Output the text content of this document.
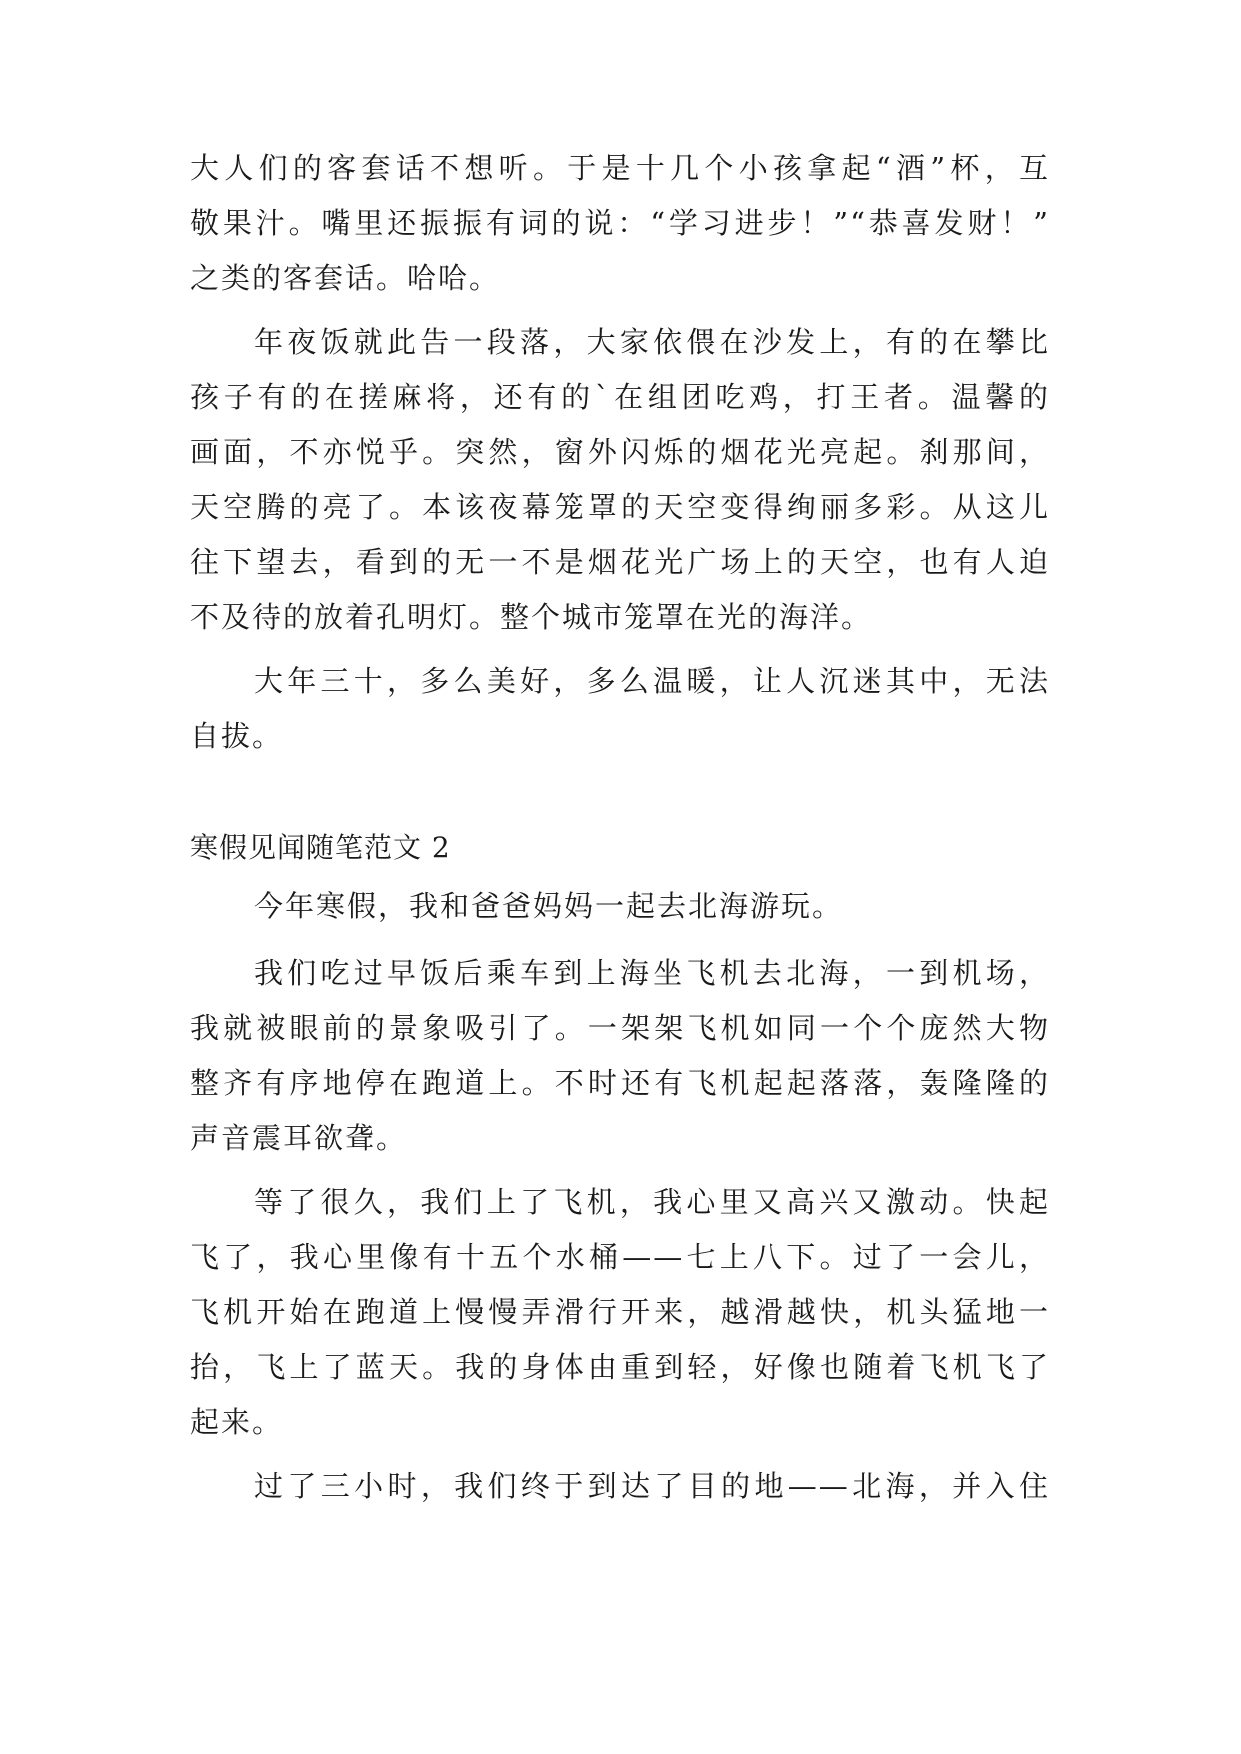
大人们的客套话不想听。于是十几个小孩拿起“酒”杯，互
敬果汁。嘴里还振振有词的说：“学习进步！”“恭喜发财！”
之类的客套话。哈哈。
年夜饭就此告一段落，大家依偎在沙发上，有的在攀比
孩子有的在搓麻将，还有的`在组团吃鸡，打王者。温馨的
画面，不亦悦乎。突然，窗外闪烁的烟花光亮起。刹那间，
天空腾的亮了。本该夜幕笼罩的天空变得绚丽多彩。从这儿
往下望去，看到的无一不是烟花光广场上的天空，也有人迫
不及待的放着孔明灯。整个城市笼罩在光的海洋。
大年三十，多么美好，多么温暖，让人沉迷其中，无法
自拔。
寒假见闻随笔范文 2
今年寒假，我和爸爸妈妈一起去北海游玩。
我们吃过早饭后乘车到上海坐飞机去北海，一到机场，
我就被眼前的景象吸引了。一架架飞机如同一个个庞然大物
整齐有序地停在跑道上。不时还有飞机起起落落，轰隆隆的
声音震耳欲聋。
等了很久，我们上了飞机，我心里又高兴又激动。快起
飞了，我心里像有十五个水桶——七上八下。过了一会儿，
飞机开始在跑道上慢慢弄滑行开来，越滑越快，机头猛地一
抬，飞上了蓝天。我的身体由重到轻，好像也随着飞机飞了
起来。
过了三小时，我们终于到达了目的地——北海，并入住
